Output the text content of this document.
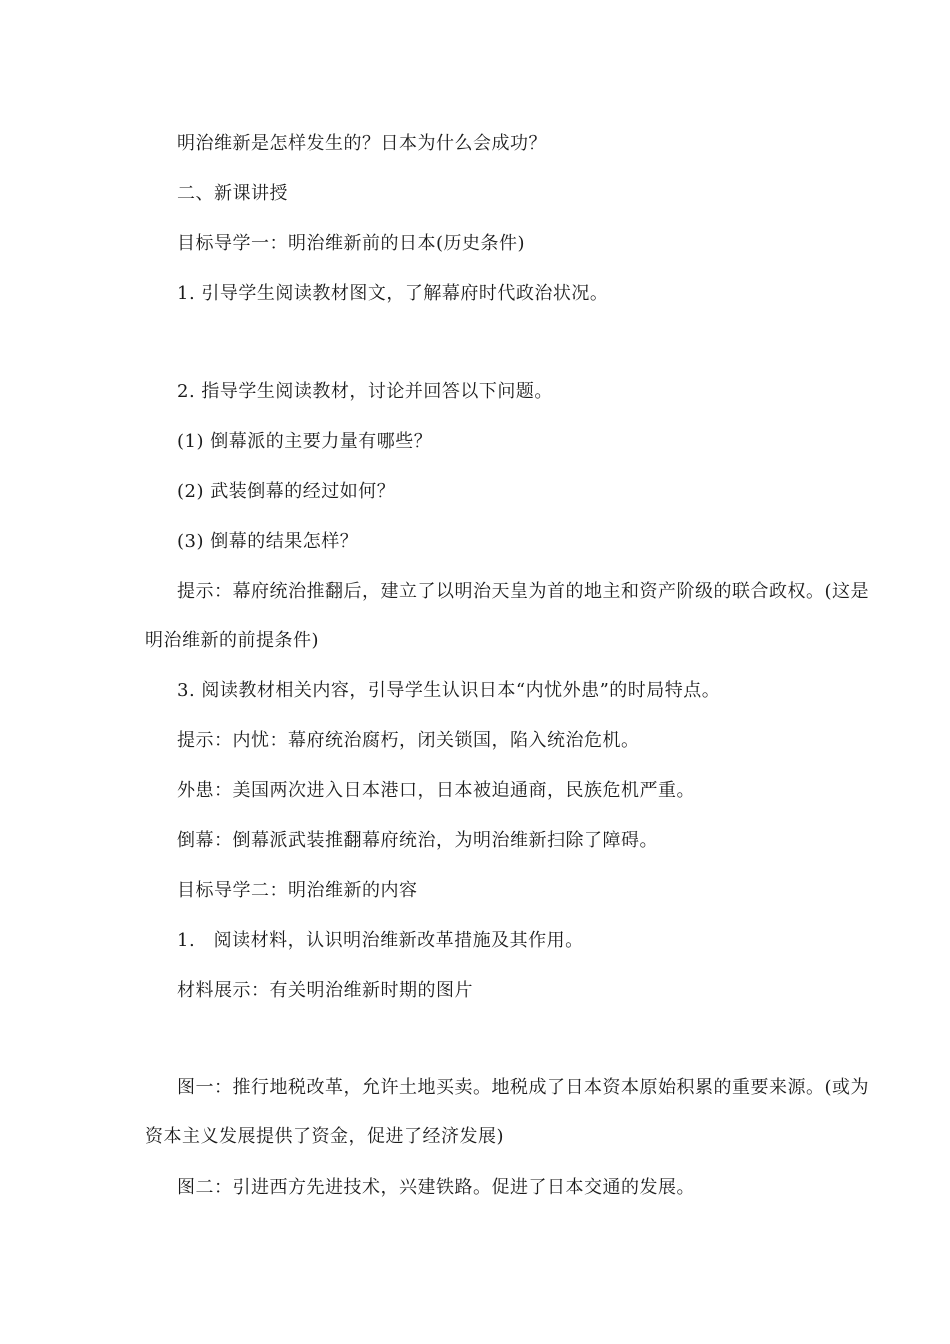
明治维新是怎样发生的？日本为什么会成功？
二、新课讲授
目标导学一：明治维新前的日本(历史条件)
1. 引导学生阅读教材图文，了解幕府时代政治状况。
2. 指导学生阅读教材，讨论并回答以下问题。
(1) 倒幕派的主要力量有哪些？
(2) 武装倒幕的经过如何？
(3) 倒幕的结果怎样？
提示：幕府统治推翻后，建立了以明治天皇为首的地主和资产阶级的联合政权。(这是
明治维新的前提条件)
3. 阅读教材相关内容，引导学生认识日本“内忧外患”的时局特点。
提示：内忧：幕府统治腐朽，闭关锁国，陷入统治危机。
外患：美国两次进入日本港口，日本被迫通商，民族危机严重。
倒幕：倒幕派武装推翻幕府统治，为明治维新扫除了障碍。
目标导学二：明治维新的内容
1.　阅读材料，认识明治维新改革措施及其作用。
材料展示：有关明治维新时期的图片
图一：推行地税改革，允许土地买卖。地税成了日本资本原始积累的重要来源。(或为
资本主义发展提供了资金，促进了经济发展)
图二：引进西方先进技术，兴建铁路。促进了日本交通的发展。
